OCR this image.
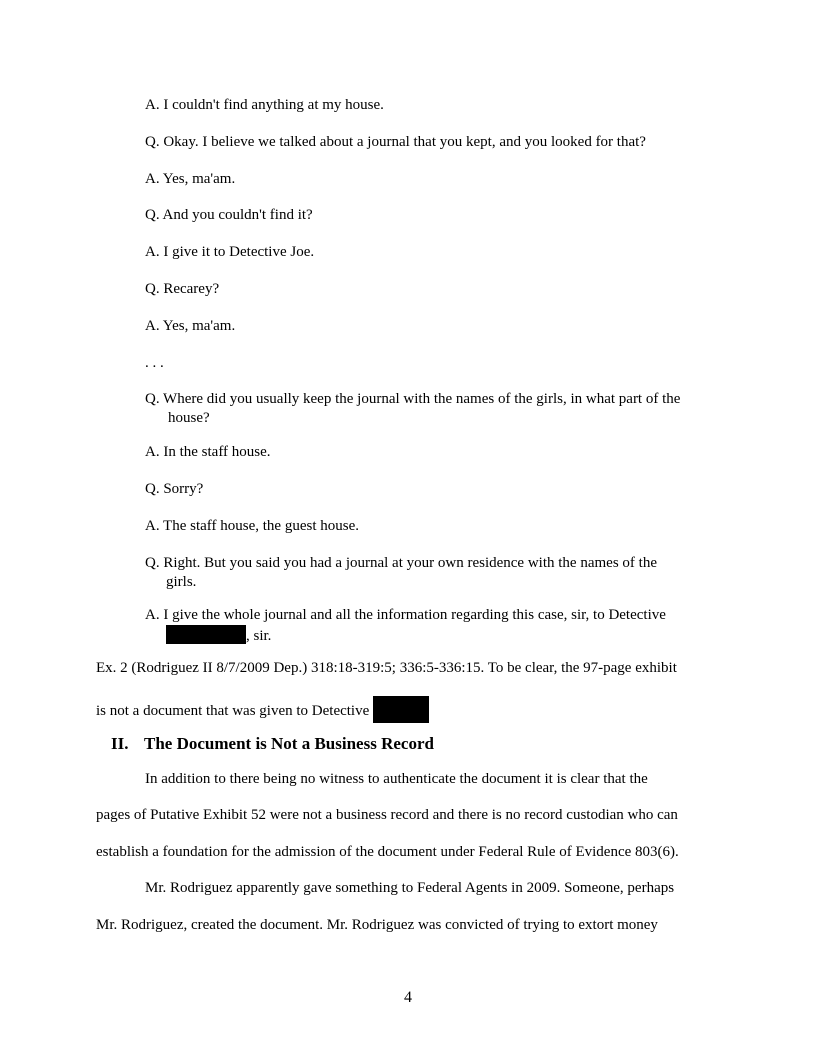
A. I couldn't find anything at my house.

Q. Okay. I believe we talked about a journal that you kept, and you looked for that?

A. Yes, ma'am.

Q. And you couldn't find it?

A. I give it to Detective Joe.

Q. Recarey?

A. Yes, ma'am.

. . .

Q. Where did you usually keep the journal with the names of the girls, in what part of the
house?

A. In the staff house.

Q. Sorry?

A. The staff house, the guest house.

Q. Right. But you said you had a journal at your own residence with the names of the
girls.

A. I give the whole journal and all the information regarding this case, sir, to Detective
, sir.

Ex. 2 (Rodriguez II 8/7/2009 Dep.) 318:18-319:5; 336:5-336:15. To be clear, the 97-page exhibit

is not a document that was given to Detective

II. The Document is Not a Business Record

In addition to there being no witness to authenticate the document it is clear that the

pages of Putative Exhibit 52 were not a business record and there is no record custodian who can

establish a foundation for the admission of the document under Federal Rule of Evidence 803(6).

Mr. Rodriguez apparently gave something to Federal Agents in 2009. Someone, perhaps

Mr. Rodriguez, created the document. Mr. Rodriguez was convicted of trying to extort money

4
